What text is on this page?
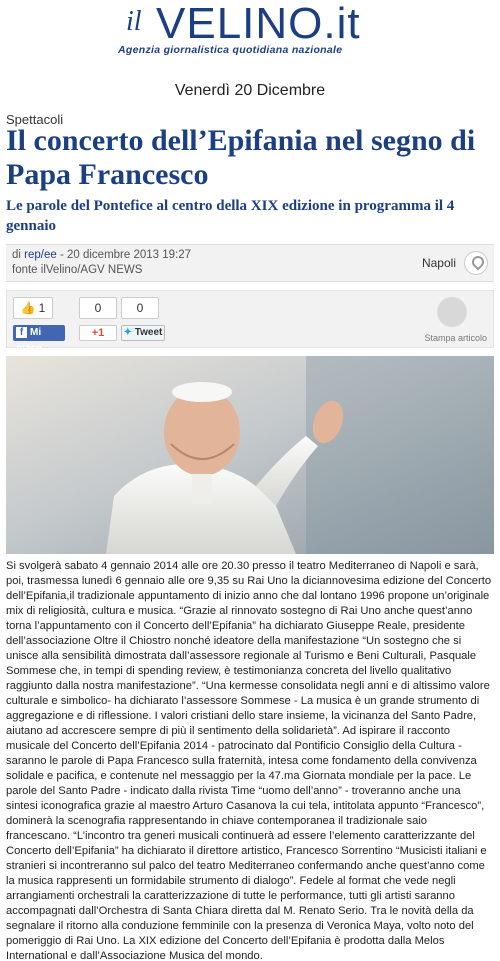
il VELINO.it
Agenzia giornalistica quotidiana nazionale
Venerdì 20 Dicembre
Spettacoli
Il concerto dell’Epifania nel segno di Papa Francesco
Le parole del Pontefice al centro della XIX edizione in programma il 4 gennaio
di rep/ee - 20 dicembre 2013 19:27
fonte ilVelino/AGV NEWS	Napoli
👍 1	0	0
f Mi piace
+1	✦ Tweet	Stampa articolo

Si svolgerà sabato 4 gennaio 2014 alle ore 20.30 presso il teatro Mediterraneo di Napoli e sarà, poi, trasmessa lunedì 6 gennaio alle ore 9,35 su Rai Uno la diciannovesima edizione del Concerto dell’Epifania,il tradizionale appuntamento di inizio anno che dal lontano 1996 propone un’originale mix di religiosità, cultura e musica. “Grazie al rinnovato sostegno di Rai Uno anche quest’anno torna l’appuntamento con il Concerto dell’Epifania” ha dichiarato Giuseppe Reale, presidente dell’associazione Oltre il Chiostro nonché ideatore della manifestazione “Un sostegno che si unisce alla sensibilità dimostrata dall’assessore regionale al Turismo e Beni Culturali, Pasquale Sommese che, in tempi di spending review, è testimonianza concreta del livello qualitativo raggiunto dalla nostra manifestazione”. “Una kermesse consolidata negli anni e di altissimo valore culturale e simbolico- ha dichiarato l’assessore Sommese - La musica è un grande strumento di aggregazione e di riflessione. I valori cristiani dello stare insieme, la vicinanza del Santo Padre, aiutano ad accrescere sempre di più il sentimento della solidarietà”. Ad ispirare il racconto musicale del Concerto dell’Epifania 2014 - patrocinato dal Pontificio Consiglio della Cultura - saranno le parole di Papa Francesco sulla fraternità, intesa come fondamento della convivenza solidale e pacifica, e contenute nel messaggio per la 47.ma Giornata mondiale per la pace. Le parole del Santo Padre - indicato dalla rivista Time “uomo dell’anno” - troveranno anche una sintesi iconografica grazie al maestro Arturo Casanova la cui tela, intitolata appunto “Francesco”, dominerà la scenografia rappresentando in chiave contemporanea il tradizionale saio francescano. “L’incontro tra generi musicali continuerà ad essere l’elemento caratterizzante del Concerto dell’Epifania” ha dichiarato il direttore artistico, Francesco Sorrentino “Musicisti italiani e stranieri si incontreranno sul palco del teatro Mediterraneo confermando anche quest’anno come la musica rappresenti un formidabile strumento di dialogo”. Fedele al format che vede negli arrangiamenti orchestrali la caratterizzazione di tutte le performance, tutti gli artisti saranno accompagnati dall’Orchestra di Santa Chiara diretta dal M. Renato Serio. Tra le novità della da segnalare il ritorno alla conduzione femminile con la presenza di Veronica Maya, volto noto del pomeriggio di Rai Uno. La XIX edizione del Concerto dell’Epifania è prodotta dalla Melos International e dall’Associazione Musica del mondo.
